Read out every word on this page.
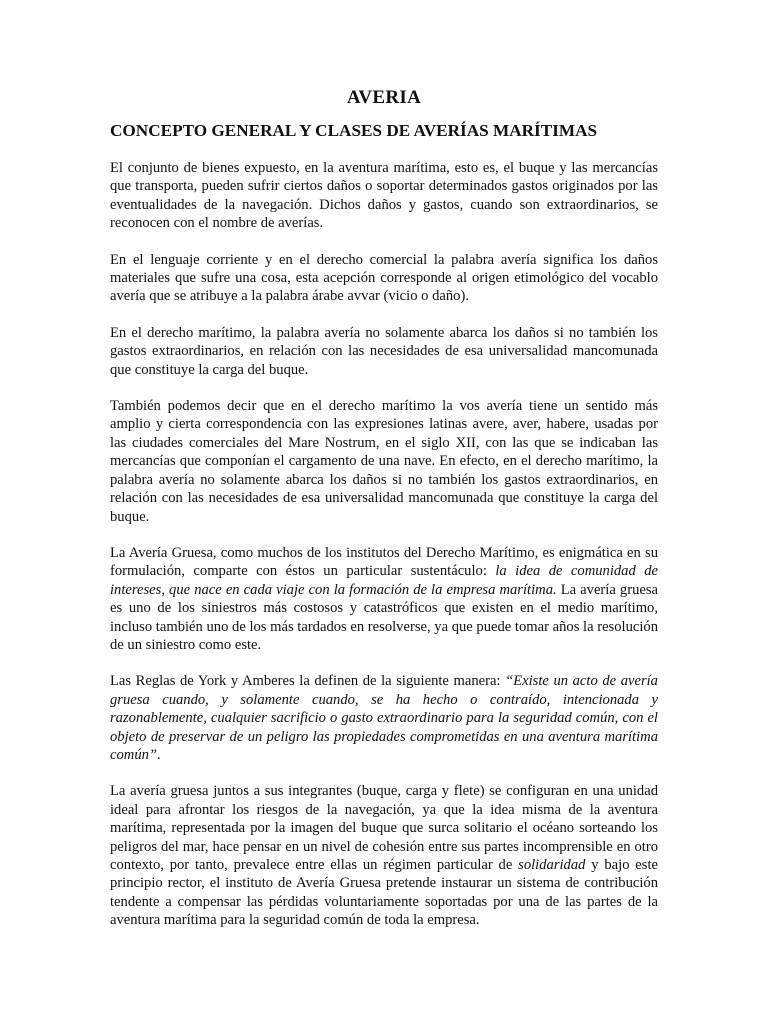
AVERIA
CONCEPTO GENERAL Y CLASES DE AVERÍAS MARÍTIMAS

El conjunto de bienes expuesto, en la aventura marítima, esto es, el buque y las mercancías que transporta, pueden sufrir ciertos daños o soportar determinados gastos originados por las eventualidades de la navegación. Dichos daños y gastos, cuando son extraordinarios, se reconocen con el nombre de averías.

En el lenguaje corriente y en el derecho comercial la palabra avería significa los daños materiales que sufre una cosa, esta acepción corresponde al origen etimológico del vocablo avería que se atribuye a la palabra árabe avvar (vicio o daño).

En el derecho marítimo, la palabra avería no solamente abarca los daños si no también los gastos extraordinarios, en relación con las necesidades de esa universalidad mancomunada que constituye la carga del buque.

También podemos decir que en el derecho marítimo la vos avería tiene un sentido más amplio y cierta correspondencia con las expresiones latinas avere, aver, habere, usadas por las ciudades comerciales del Mare Nostrum, en el siglo XII, con las que se indicaban las mercancías que componían el cargamento de una nave. En efecto, en el derecho marítimo, la palabra avería no solamente abarca los daños si no también los gastos extraordinarios, en relación con las necesidades de esa universalidad mancomunada que constituye la carga del buque.

La Avería Gruesa, como muchos de los institutos del Derecho Marítimo, es enigmática en su formulación, comparte con éstos un particular sustentáculo: la idea de comunidad de intereses, que nace en cada viaje con la formación de la empresa marítima. La avería gruesa es uno de los siniestros más costosos y catastróficos que existen en el medio marítimo, incluso también uno de los más tardados en resolverse, ya que puede tomar años la resolución de un siniestro como este.

Las Reglas de York y Amberes la definen de la siguiente manera: “Existe un acto de avería gruesa cuando, y solamente cuando, se ha hecho o contraído, intencionada y razonablemente, cualquier sacrificio o gasto extraordinario para la seguridad común, con el objeto de preservar de un peligro las propiedades comprometidas en una aventura marítima común”.

La avería gruesa juntos a sus integrantes (buque, carga y flete) se configuran en una unidad ideal para afrontar los riesgos de la navegación, ya que la idea misma de la aventura marítima, representada por la imagen del buque que surca solitario el océano sorteando los peligros del mar, hace pensar en un nivel de cohesión entre sus partes incomprensible en otro contexto, por tanto, prevalece entre ellas un régimen particular de solidaridad y bajo este principio rector, el instituto de Avería Gruesa pretende instaurar un sistema de contribución tendente a compensar las pérdidas voluntariamente soportadas por una de las partes de la aventura marítima para la seguridad común de toda la empresa.
